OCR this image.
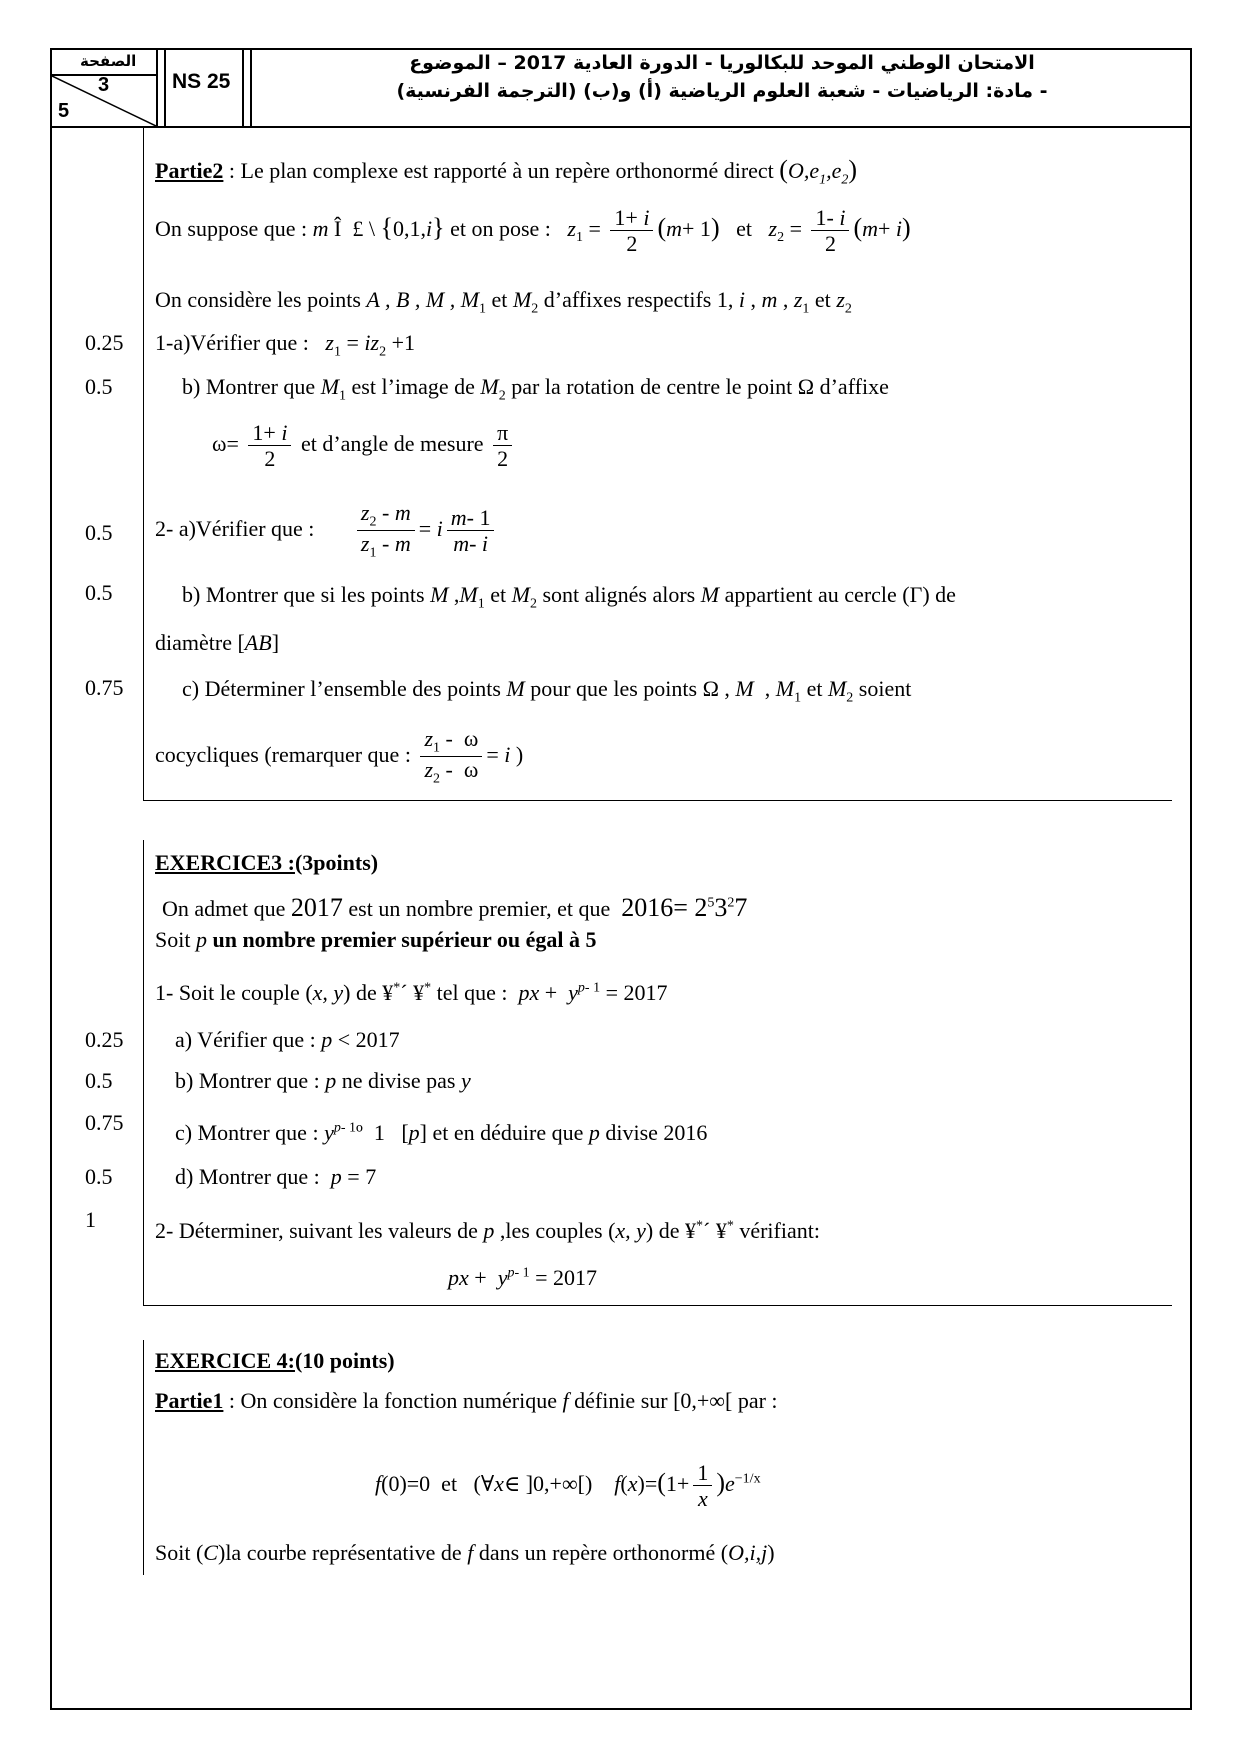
الصفحة
3
5
NS 25
الامتحان الوطني الموحد للبكالوريا - الدورة العادية 2017 – الموضوع
- مادة: الرياضيات - شعبة العلوم الرياضية (أ) و(ب) (الترجمة الفرنسية)
Partie2 : Le plan complexe est rapporté à un repère orthonormé direct $(O,e_1,e_2)$
On suppose que : m Î  £ \ {0,1,i} et on pose : $z_1 = \frac{1+ i}{2} (m+ 1)$   et   $z_2 = \frac{1- i}{2} (m+ i)$
On considère les points A , B , M , $M_1$ et $M_2$ d’affixes respectifs 1, i , m , $z_1$ et $z_2$
0.25 1-a)Vérifier que : $z_1 = iz_2 +1$
0.5	b) Montrer que $M_1$ est l’image de $M_2$ par la rotation de centre le point Ω d’affixe
$\omega= \frac{1+ i}{2}$ et d’angle de mesure $\frac{\pi}{2}$
0.5 2- a)Vérifier que : $\frac{z_2 - m}{z_1 - m} = i \frac{m- 1}{m- i}$
0.5	b) Montrer que si les points M $,M_1$ et $M_2$ sont alignés alors M appartient au cercle (Γ) de
diamètre [AB]
0.75	c) Déterminer l’ensemble des points M pour que les points Ω , M  , $M_1$ et $M_2$ soient
cocycliques (remarquer que : $\frac{z_1 - \omega}{z_2 - \omega} = i$ )
EXERCICE3 :(3points)
On admet que 2017 est un nombre premier, et que  $2016= 2^53^27$
Soit p un nombre premier supérieur ou égal à 5
1- Soit le couple (x, y) de ¥*´ ¥* tel que :  px +  $y^{p- 1} = 2017$
0.25 a) Vérifier que : p < 2017
0.5	b) Montrer que : p ne divise pas y
0.75 c) Montrer que : $y^{p- 1}º$  1   [p] et en déduire que p divise 2016
0.5	d) Montrer que :  p = 7
1	2- Déterminer, suivant les valeurs de p ,les couples (x, y) de ¥*´ ¥* vérifiant:
px +  $y^{p- 1} = 2017$
EXERCICE 4:(10 points)
Partie1 : On considère la fonction numérique f définie sur [0,+∞[ par :
f(0)=0  et   (∀x∈ ]0,+∞[)    $f(x)=(1+ \frac{1}{x} )e^{-1/x}$
Soit (C)la courbe représentative de f dans un repère orthonormé (O,i,j)
